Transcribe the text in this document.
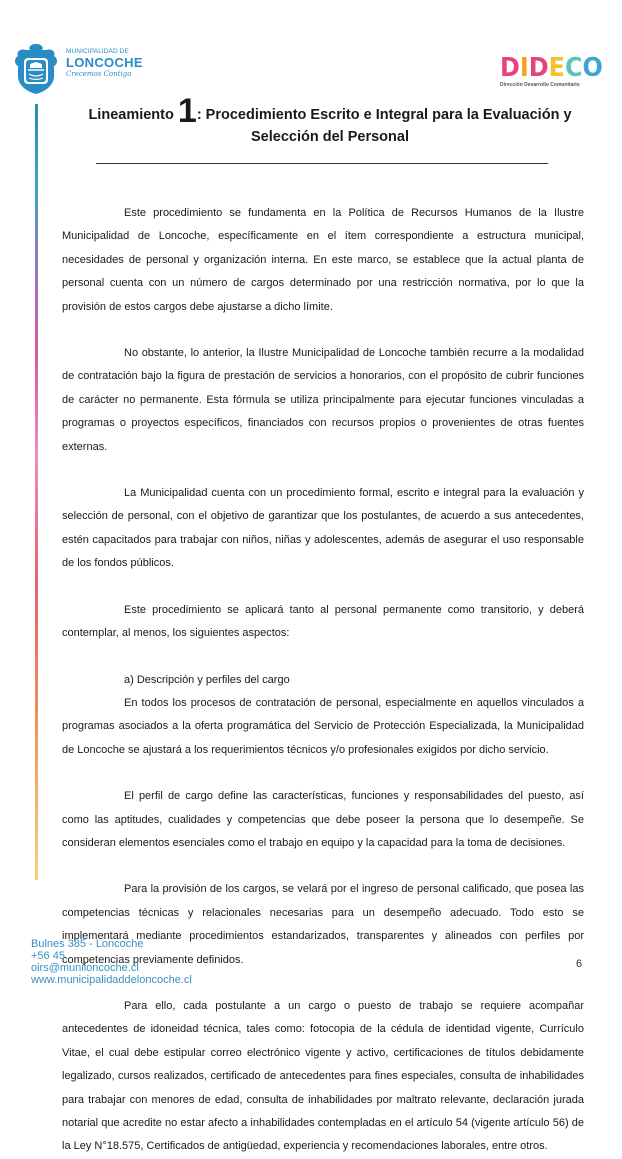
MUNICIPALIDAD DE
LONCOCHE
Crecemos Contigo	DIDECO
Dirección Desarrollo Comunitario
Lineamiento 1: Procedimiento Escrito e Integral para la Evaluación y Selección del Personal

Este procedimiento se fundamenta en la Política de Recursos Humanos de la Ilustre Municipalidad de Loncoche, específicamente en el ítem correspondiente a estructura municipal, necesidades de personal y organización interna. En este marco, se establece que la actual planta de personal cuenta con un número de cargos determinado por una restricción normativa, por lo que la provisión de estos cargos debe ajustarse a dicho límite.

No obstante, lo anterior, la Ilustre Municipalidad de Loncoche también recurre a la modalidad de contratación bajo la figura de prestación de servicios a honorarios, con el propósito de cubrir funciones de carácter no permanente. Esta fórmula se utiliza principalmente para ejecutar funciones vinculadas a programas o proyectos específicos, financiados con recursos propios o provenientes de otras fuentes externas.

La Municipalidad cuenta con un procedimiento formal, escrito e integral para la evaluación y selección de personal, con el objetivo de garantizar que los postulantes, de acuerdo a sus antecedentes, estén capacitados para trabajar con niños, niñas y adolescentes, además de asegurar el uso responsable de los fondos públicos.

Este procedimiento se aplicará tanto al personal permanente como transitorio, y deberá contemplar, al menos, los siguientes aspectos:

a) Descripción y perfiles del cargo

En todos los procesos de contratación de personal, especialmente en aquellos vinculados a programas asociados a la oferta programática del Servicio de Protección Especializada, la Municipalidad de Loncoche se ajustará a los requerimientos técnicos y/o profesionales exigidos por dicho servicio.

El perfil de cargo define las características, funciones y responsabilidades del puesto, así como las aptitudes, cualidades y competencias que debe poseer la persona que lo desempeñe. Se consideran elementos esenciales como el trabajo en equipo y la capacidad para la toma de decisiones.

Para la provisión de los cargos, se velará por el ingreso de personal calificado, que posea las competencias técnicas y relacionales necesarias para un desempeño adecuado. Todo esto se implementará mediante procedimientos estandarizados, transparentes y alineados con perfiles por competencias previamente definidos.

Para ello, cada postulante a un cargo o puesto de trabajo se requiere acompañar antecedentes de idoneidad técnica, tales como: fotocopia de la cédula de identidad vigente, Currículo Vitae, el cual debe estipular correo electrónico vigente y activo, certificaciones de títulos debidamente legalizado, cursos realizados, certificado de antecedentes para fines especiales, consulta de inhabilidades para trabajar con menores de edad, consulta de inhabilidades por maltrato relevante, declaración jurada notarial que acredite no estar afecto a inhabilidades contempladas en el artículo 54 (vigente artículo 56) de la Ley N°18.575, Certificados de antigüedad, experiencia y recomendaciones laborales, entre otros.

Bulnes 385 - Loncoche
+56 45
oirs@muniloncoche.cl
www.municipalidaddeloncoche.cl
6
